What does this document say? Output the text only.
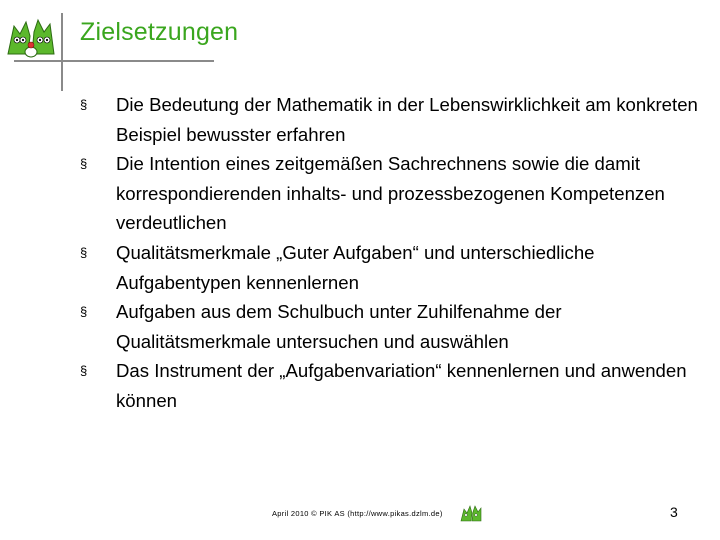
Zielsetzungen
§ Die Bedeutung der Mathematik in der Lebenswirklichkeit am konkreten Beispiel bewusster erfahren
§ Die Intention eines zeitgemäßen Sachrechnens sowie die damit korrespondierenden inhalts- und prozessbezogenen Kompetenzen verdeutlichen
§ Qualitätsmerkmale „Guter Aufgaben“ und unterschiedliche Aufgabentypen kennenlernen
§ Aufgaben aus dem Schulbuch unter Zuhilfenahme der Qualitätsmerkmale untersuchen und auswählen
§ Das Instrument der „Aufgabenvariation“ kennenlernen und anwenden können
April 2010 © PIK AS (http://www.pikas.dzlm.de)	3
